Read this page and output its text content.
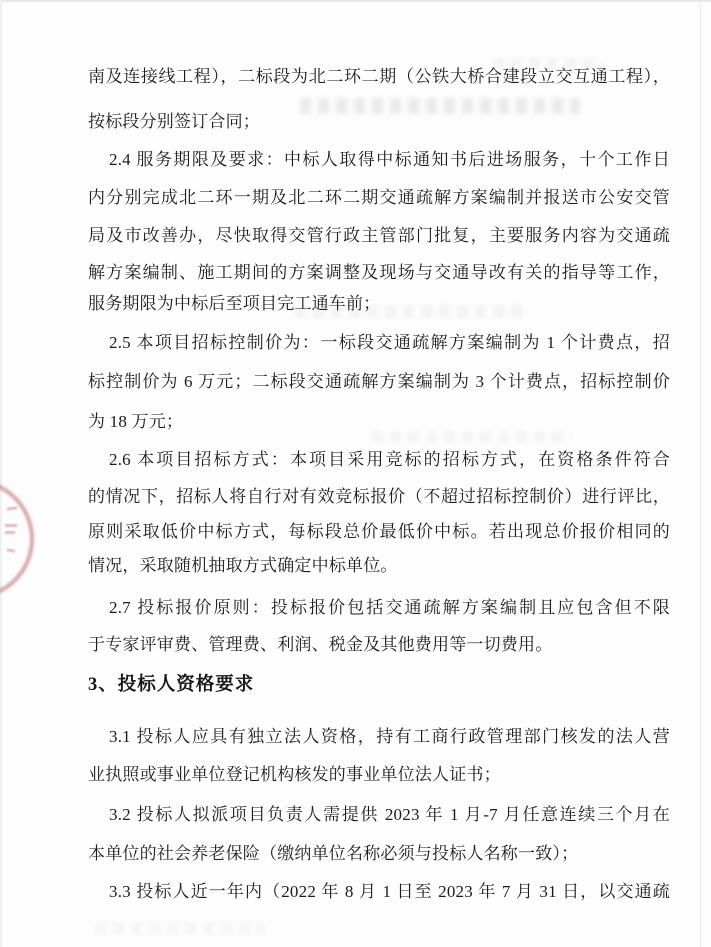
南及连接线工程），二标段为北二环二期（公铁大桥合建段立交互通工程），
按标段分别签订合同；
2.4 服务期限及要求：中标人取得中标通知书后进场服务，十个工作日
内分别完成北二环一期及北二环二期交通疏解方案编制并报送市公安交管
局及市改善办，尽快取得交管行政主管部门批复，主要服务内容为交通疏
解方案编制、施工期间的方案调整及现场与交通导改有关的指导等工作，
服务期限为中标后至项目完工通车前；
2.5 本项目招标控制价为：一标段交通疏解方案编制为 1 个计费点，招
标控制价为 6 万元；二标段交通疏解方案编制为 3 个计费点，招标控制价
为 18 万元；
2.6 本项目招标方式：本项目采用竞标的招标方式，在资格条件符合
的情况下，招标人将自行对有效竞标报价（不超过招标控制价）进行评比，
原则采取低价中标方式，每标段总价最低价中标。若出现总价报价相同的
情况，采取随机抽取方式确定中标单位。
2.7 投标报价原则：投标报价包括交通疏解方案编制且应包含但不限
于专家评审费、管理费、利润、税金及其他费用等一切费用。
3、投标人资格要求
3.1 投标人应具有独立法人资格，持有工商行政管理部门核发的法人营
业执照或事业单位登记机构核发的事业单位法人证书；
3.2 投标人拟派项目负责人需提供 2023 年 1 月-7 月任意连续三个月在
本单位的社会养老保险（缴纳单位名称必须与投标人名称一致）；
3.3 投标人近一年内（2022 年 8 月 1 日至 2023 年 7 月 31 日，以交通疏
